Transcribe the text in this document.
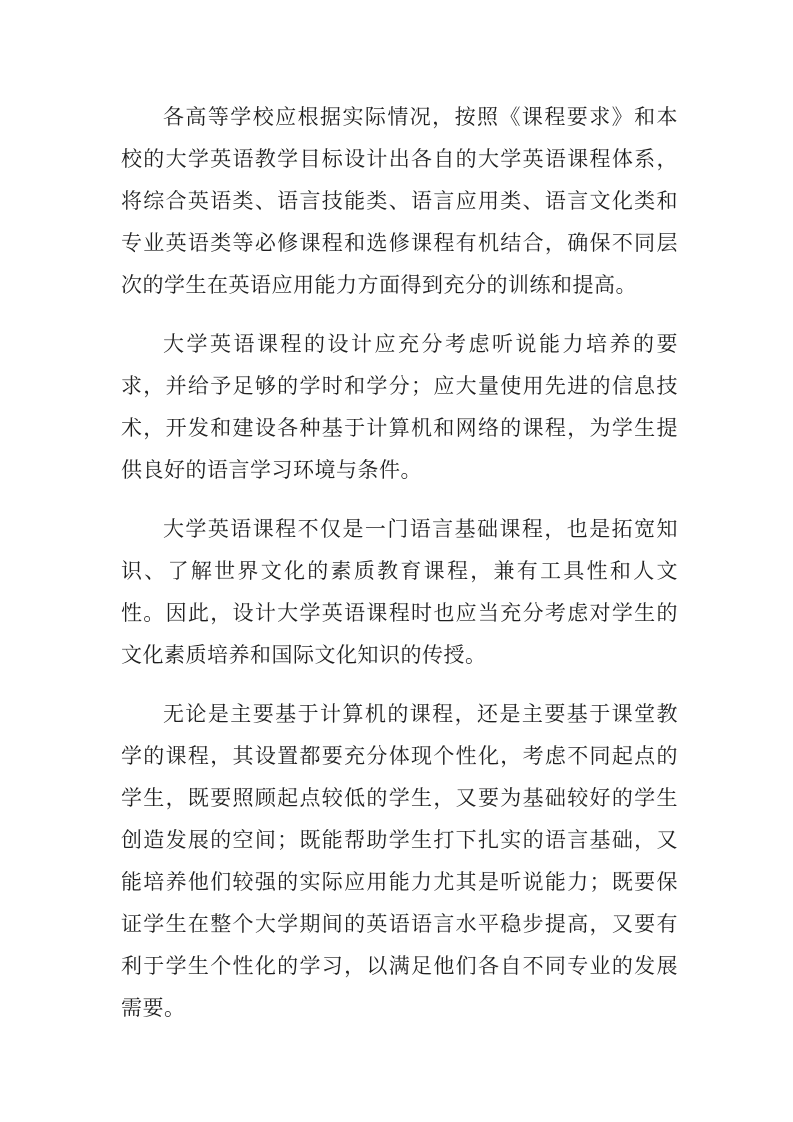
各高等学校应根据实际情况，按照《课程要求》和本校的大学英语教学目标设计出各自的大学英语课程体系，将综合英语类、语言技能类、语言应用类、语言文化类和专业英语类等必修课程和选修课程有机结合，确保不同层次的学生在英语应用能力方面得到充分的训练和提高。

大学英语课程的设计应充分考虑听说能力培养的要求，并给予足够的学时和学分；应大量使用先进的信息技术，开发和建设各种基于计算机和网络的课程，为学生提供良好的语言学习环境与条件。

大学英语课程不仅是一门语言基础课程，也是拓宽知识、了解世界文化的素质教育课程，兼有工具性和人文性。因此，设计大学英语课程时也应当充分考虑对学生的文化素质培养和国际文化知识的传授。

无论是主要基于计算机的课程，还是主要基于课堂教学的课程，其设置都要充分体现个性化，考虑不同起点的学生，既要照顾起点较低的学生，又要为基础较好的学生创造发展的空间；既能帮助学生打下扎实的语言基础，又能培养他们较强的实际应用能力尤其是听说能力；既要保证学生在整个大学期间的英语语言水平稳步提高，又要有利于学生个性化的学习，以满足他们各自不同专业的发展需要。
